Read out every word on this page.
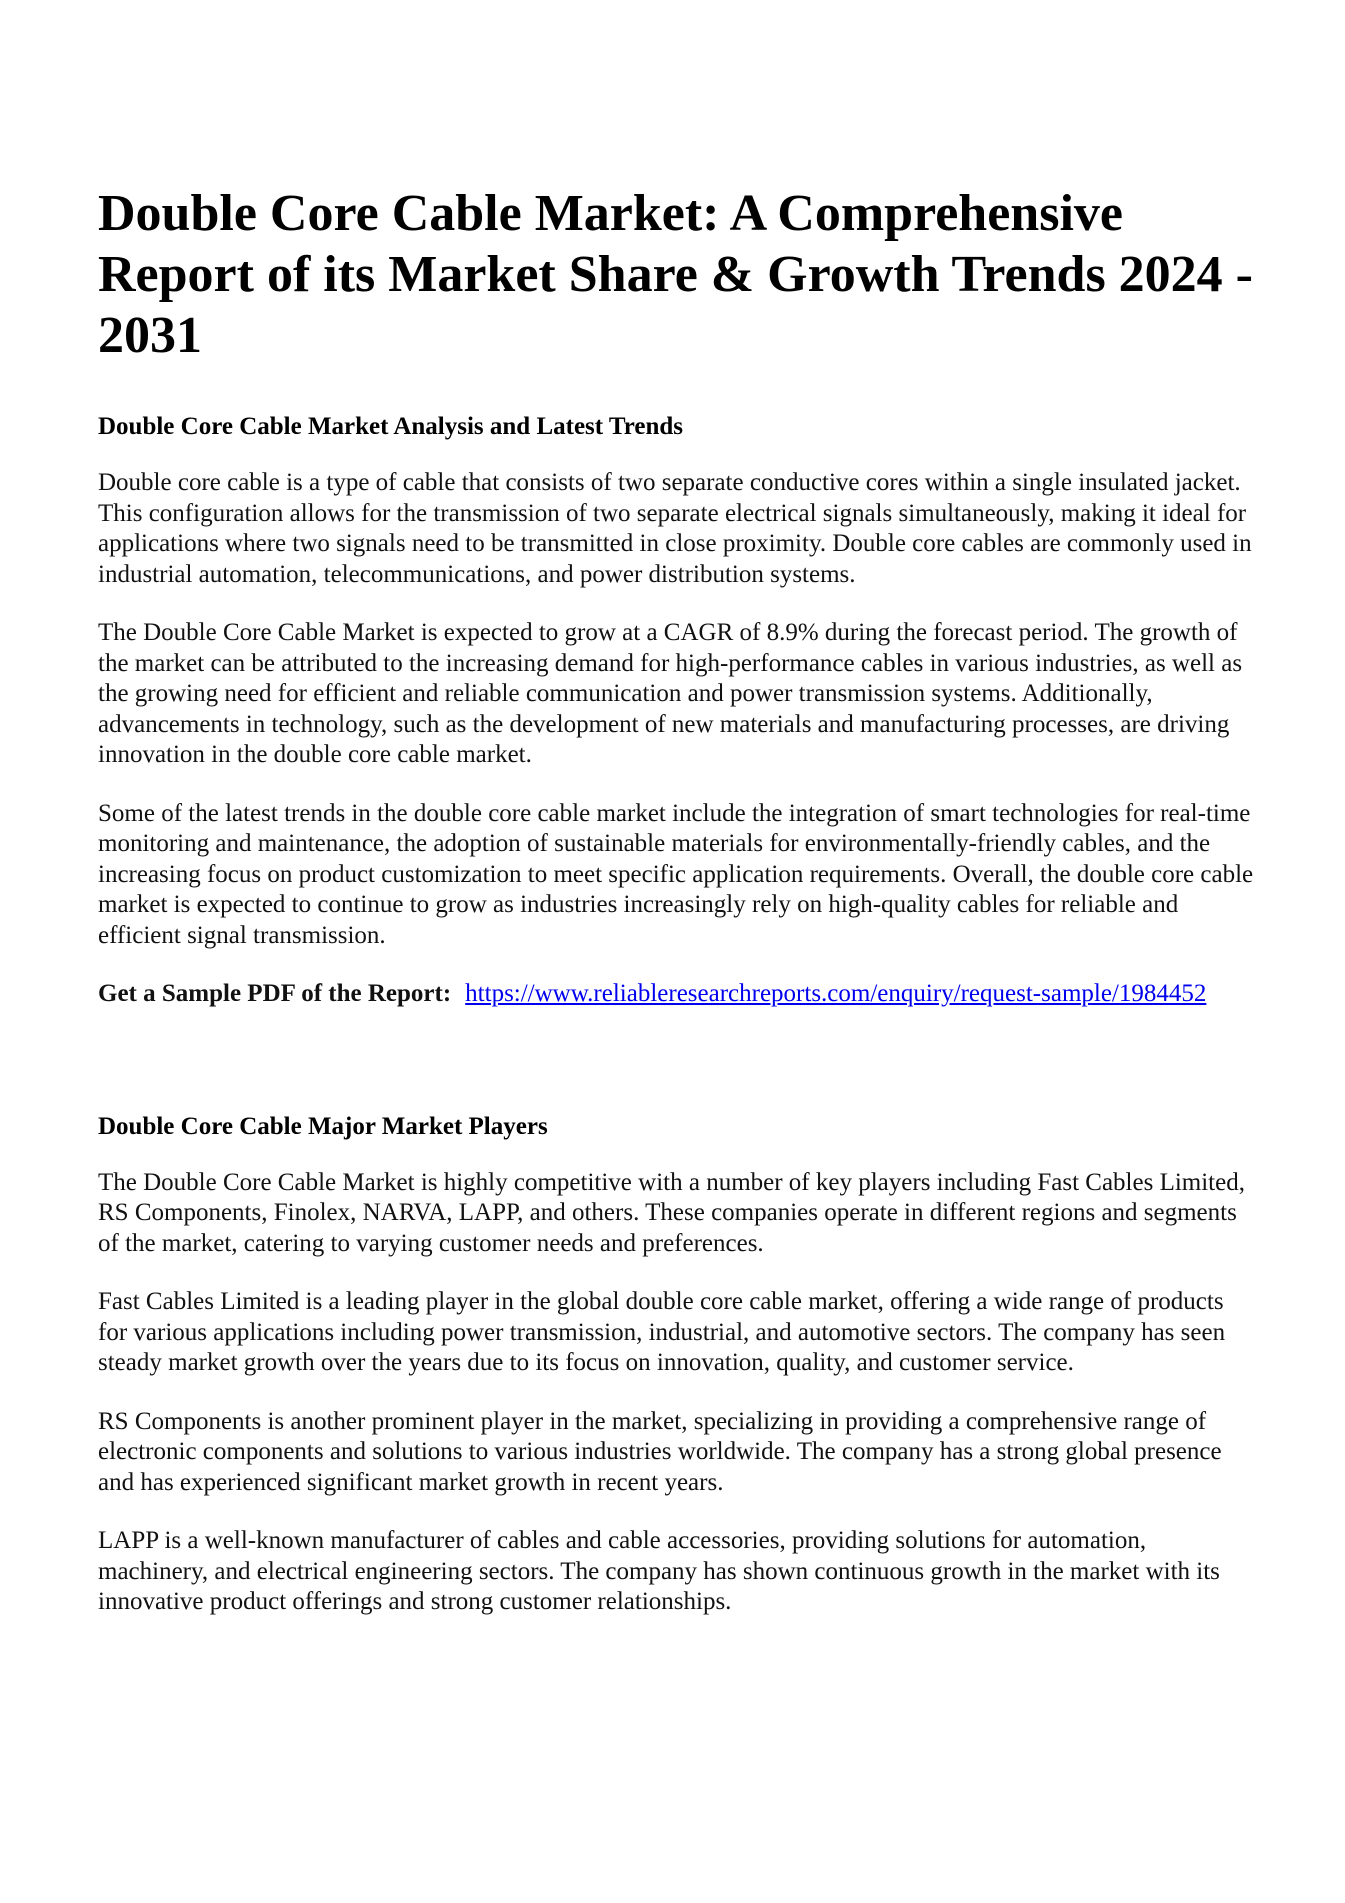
Double Core Cable Market: A Comprehensive Report of its Market Share & Growth Trends 2024 - 2031
Double Core Cable Market Analysis and Latest Trends

Double core cable is a type of cable that consists of two separate conductive cores within a single insulated jacket. This configuration allows for the transmission of two separate electrical signals simultaneously, making it ideal for applications where two signals need to be transmitted in close proximity. Double core cables are commonly used in industrial automation, telecommunications, and power distribution systems.

The Double Core Cable Market is expected to grow at a CAGR of 8.9% during the forecast period. The growth of the market can be attributed to the increasing demand for high-performance cables in various industries, as well as the growing need for efficient and reliable communication and power transmission systems. Additionally, advancements in technology, such as the development of new materials and manufacturing processes, are driving innovation in the double core cable market.

Some of the latest trends in the double core cable market include the integration of smart technologies for real-time monitoring and maintenance, the adoption of sustainable materials for environmentally-friendly cables, and the increasing focus on product customization to meet specific application requirements. Overall, the double core cable market is expected to continue to grow as industries increasingly rely on high-quality cables for reliable and efficient signal transmission.

Get a Sample PDF of the Report: https://www.reliableresearchreports.com/enquiry/request-sample/1984452

Double Core Cable Major Market Players

The Double Core Cable Market is highly competitive with a number of key players including Fast Cables Limited, RS Components, Finolex, NARVA, LAPP, and others. These companies operate in different regions and segments of the market, catering to varying customer needs and preferences.

Fast Cables Limited is a leading player in the global double core cable market, offering a wide range of products for various applications including power transmission, industrial, and automotive sectors. The company has seen steady market growth over the years due to its focus on innovation, quality, and customer service.

RS Components is another prominent player in the market, specializing in providing a comprehensive range of electronic components and solutions to various industries worldwide. The company has a strong global presence and has experienced significant market growth in recent years.

LAPP is a well-known manufacturer of cables and cable accessories, providing solutions for automation, machinery, and electrical engineering sectors. The company has shown continuous growth in the market with its innovative product offerings and strong customer relationships.
